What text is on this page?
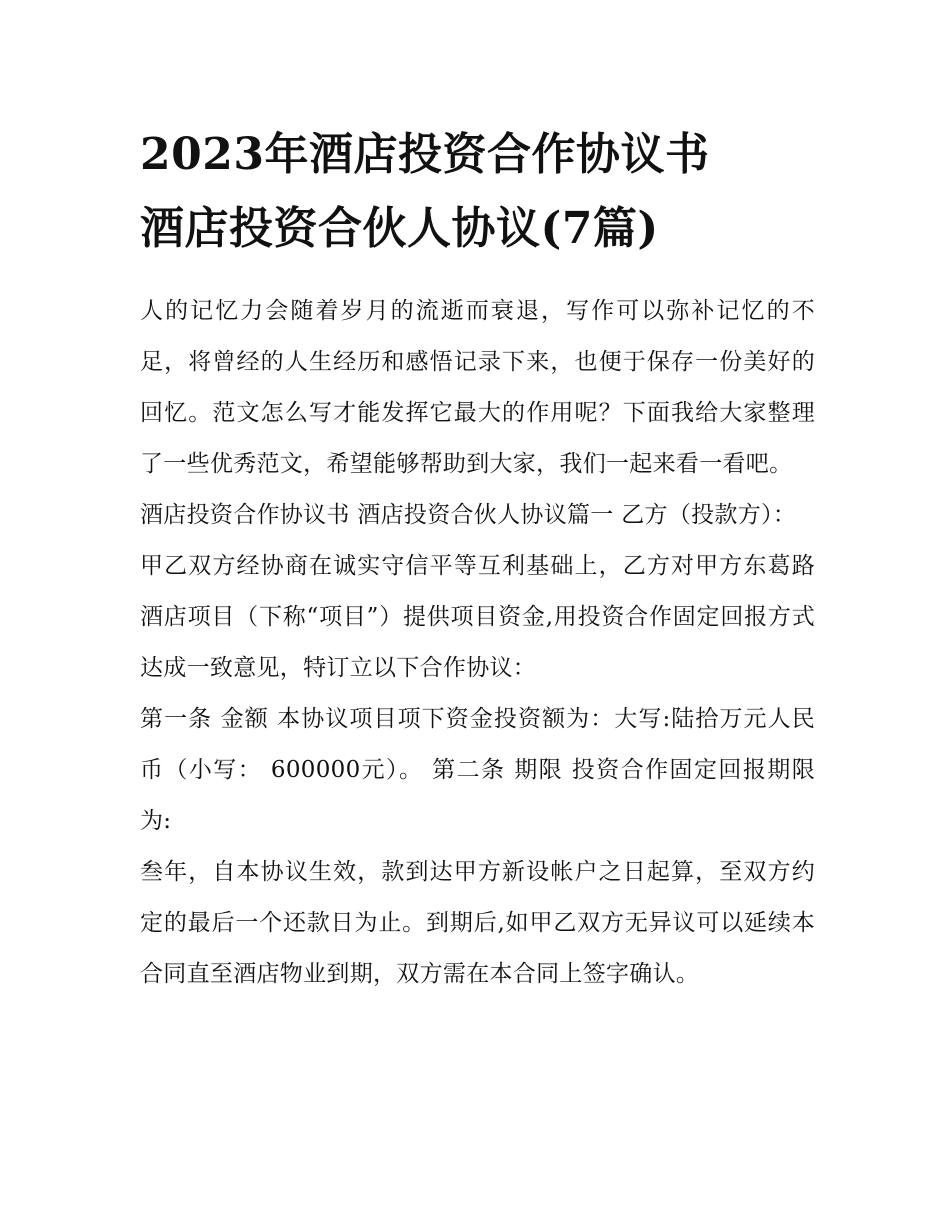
2023年酒店投资合作协议书
酒店投资合伙人协议(7篇)

人的记忆力会随着岁月的流逝而衰退，写作可以弥补记忆的不足，将曾经的人生经历和感悟记录下来，也便于保存一份美好的回忆。范文怎么写才能发挥它最大的作用呢？下面我给大家整理了一些优秀范文，希望能够帮助到大家，我们一起来看一看吧。

酒店投资合作协议书 酒店投资合伙人协议篇一 乙方（投款方）：

甲乙双方经协商在诚实守信平等互利基础上，乙方对甲方东葛路酒店项目（下称“项目”）提供项目资金,用投资合作固定回报方式达成一致意见，特订立以下合作协议：

第一条 金额 本协议项目项下资金投资额为：大写:陆拾万元人民币（小写： 600000元）。 第二条 期限 投资合作固定回报期限为:

叁年，自本协议生效，款到达甲方新设帐户之日起算，至双方约定的最后一个还款日为止。到期后,如甲乙双方无异议可以延续本合同直至酒店物业到期，双方需在本合同上签字确认。
